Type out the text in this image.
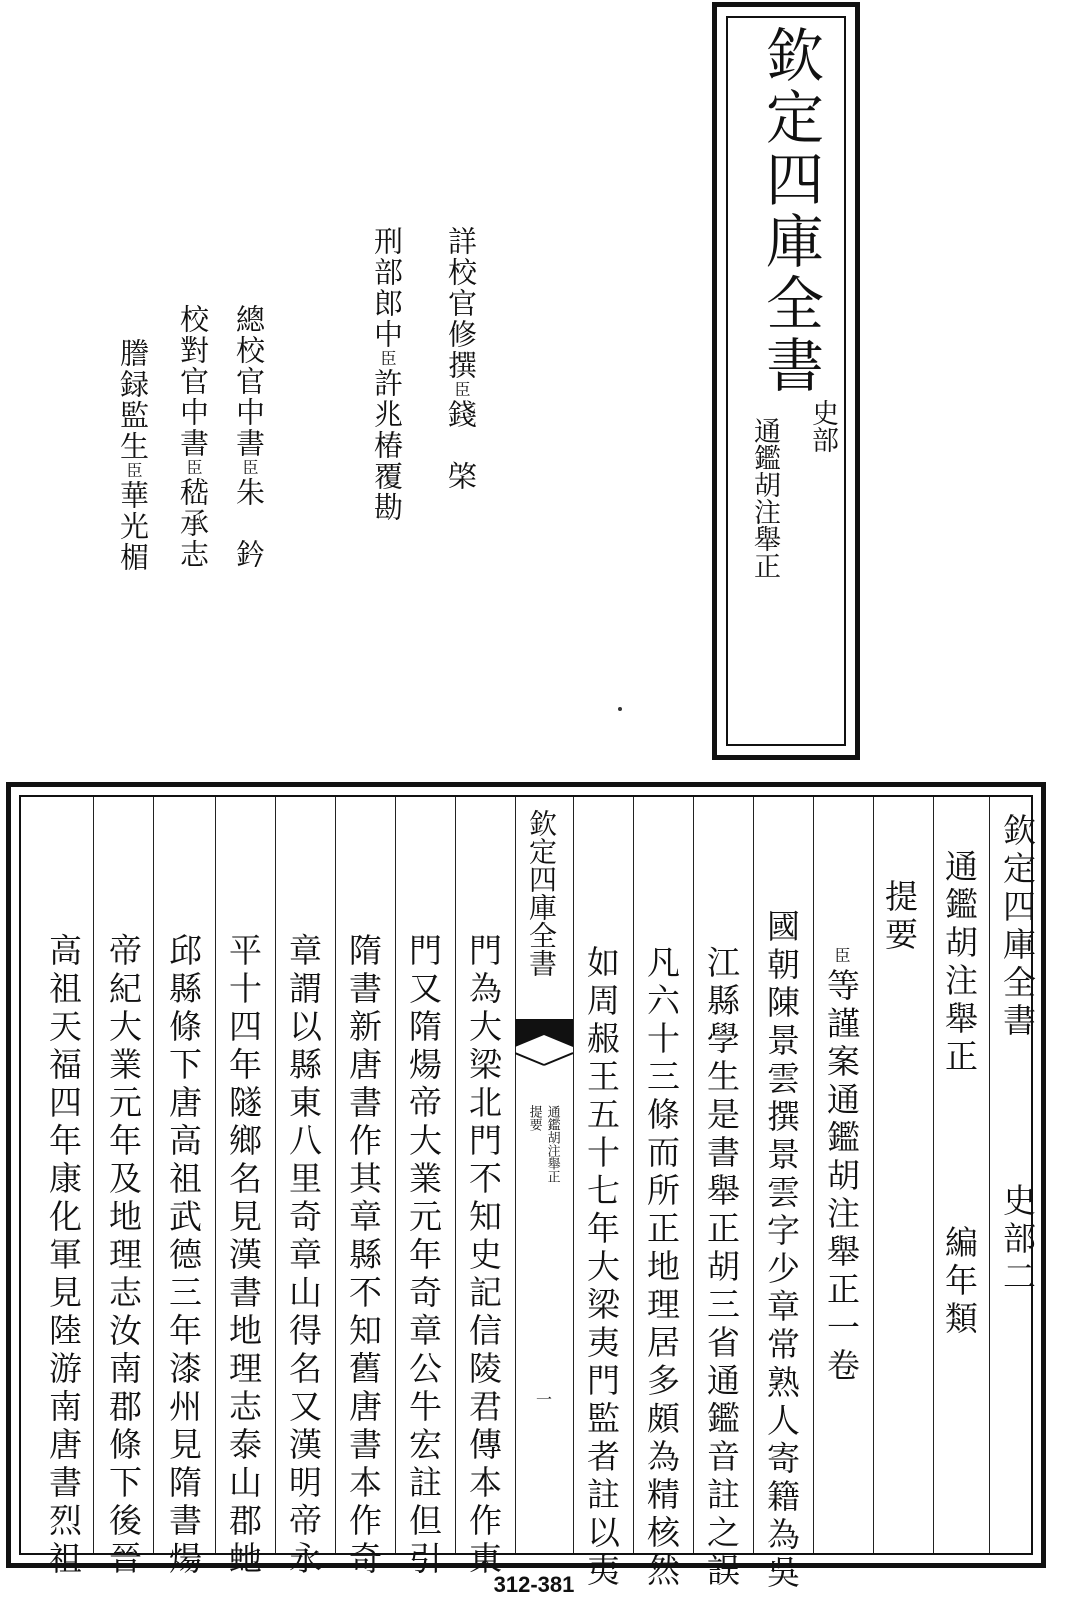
欽定四庫全書
史部
通鑑胡注舉正
詳校官修撰臣錢　棨
刑部郎中臣許兆椿覆勘
總校官中書臣朱　鈐
校對官中書臣嵇承志
謄録監生臣華光楣
欽定四庫全書
通鑑胡注舉正
提要
一
欽定四庫全書
史部二
通鑑胡注舉正
編年類
提要
臣等謹案通鑑胡注舉正一卷
國朝陳景雲撰景雲字少章常熟人寄籍為吳
江縣學生是書舉正胡三省通鑑音註之誤
凡六十三條而所正地理居多頗為精核然
如周赧王五十七年大梁夷門監者註以夷
門為大梁北門不知史記信陵君傳本作東
門又隋煬帝大業元年奇章公牛宏註但引
隋書新唐書作其章縣不知舊唐書本作奇
章謂以縣東八里奇章山得名又漢明帝永
平十四年隧鄉名見漢書地理志泰山郡虵
邱縣條下唐高祖武德三年漆州見隋書煬
帝紀大業元年及地理志汝南郡條下後晉
高祖天福四年康化軍見陸游南唐書烈祖
312-381
